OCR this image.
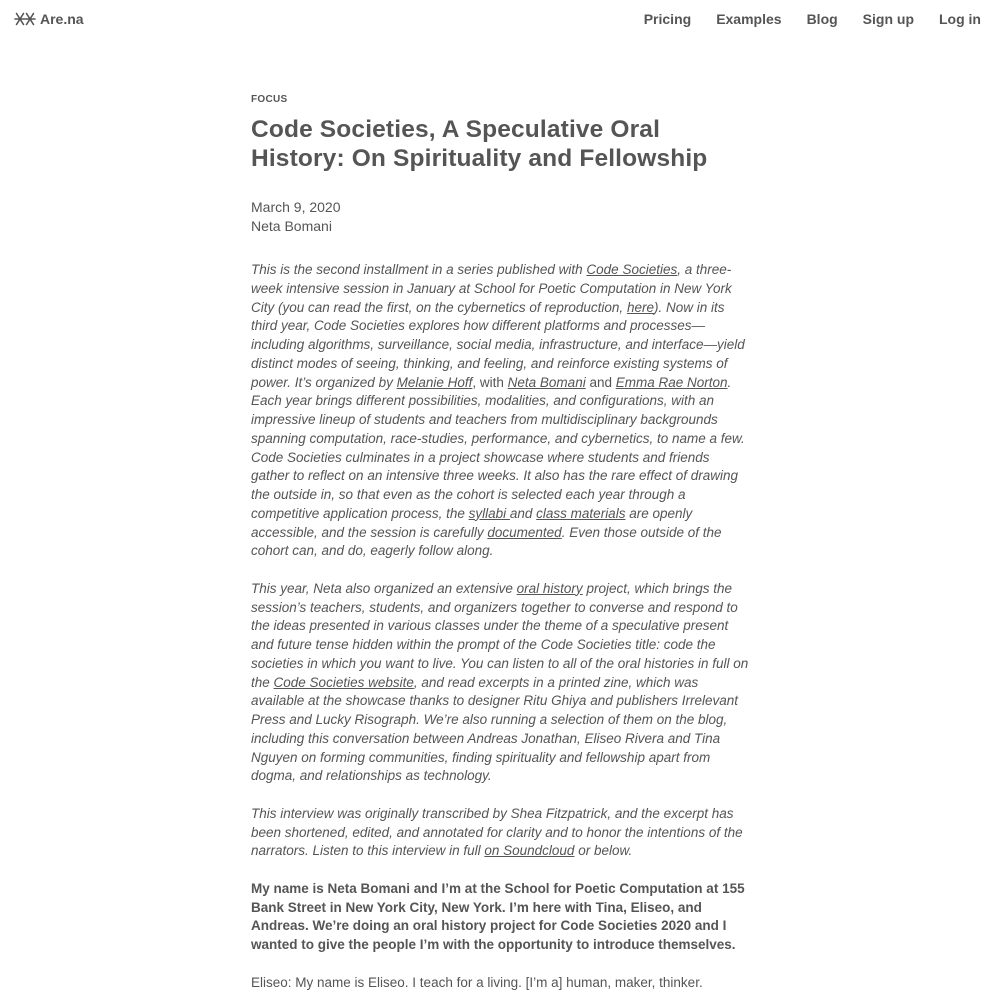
Are.na	Pricing Examples Blog Sign up Log in
FOCUS
Code Societies, A Speculative Oral History: On Spirituality and Fellowship
March 9, 2020
Neta Bomani

This is the second installment in a series published with Code Societies, a three-week intensive session in January at School for Poetic Computation in New York City (you can read the first, on the cybernetics of reproduction, here). Now in its third year, Code Societies explores how different platforms and processes—including algorithms, surveillance, social media, infrastructure, and interface—yield distinct modes of seeing, thinking, and feeling, and reinforce existing systems of power. It’s organized by Melanie Hoff, with Neta Bomani and Emma Rae Norton. Each year brings different possibilities, modalities, and configurations, with an impressive lineup of students and teachers from multidisciplinary backgrounds spanning computation, race-studies, performance, and cybernetics, to name a few. Code Societies culminates in a project showcase where students and friends gather to reflect on an intensive three weeks. It also has the rare effect of drawing the outside in, so that even as the cohort is selected each year through a competitive application process, the syllabi and class materials are openly accessible, and the session is carefully documented. Even those outside of the cohort can, and do, eagerly follow along.

This year, Neta also organized an extensive oral history project, which brings the session’s teachers, students, and organizers together to converse and respond to the ideas presented in various classes under the theme of a speculative present and future tense hidden within the prompt of the Code Societies title: code the societies in which you want to live. You can listen to all of the oral histories in full on the Code Societies website, and read excerpts in a printed zine, which was available at the showcase thanks to designer Ritu Ghiya and publishers Irrelevant Press and Lucky Risograph. We’re also running a selection of them on the blog, including this conversation between Andreas Jonathan, Eliseo Rivera and Tina Nguyen on forming communities, finding spirituality and fellowship apart from dogma, and relationships as technology.

This interview was originally transcribed by Shea Fitzpatrick, and the excerpt has been shortened, edited, and annotated for clarity and to honor the intentions of the narrators. Listen to this interview in full on Soundcloud or below.

My name is Neta Bomani and I’m at the School for Poetic Computation at 155 Bank Street in New York City, New York. I’m here with Tina, Eliseo, and Andreas. We’re doing an oral history project for Code Societies 2020 and I wanted to give the people I’m with the opportunity to introduce themselves.

Eliseo: My name is Eliseo. I teach for a living. [I’m a] human, maker, thinker.
